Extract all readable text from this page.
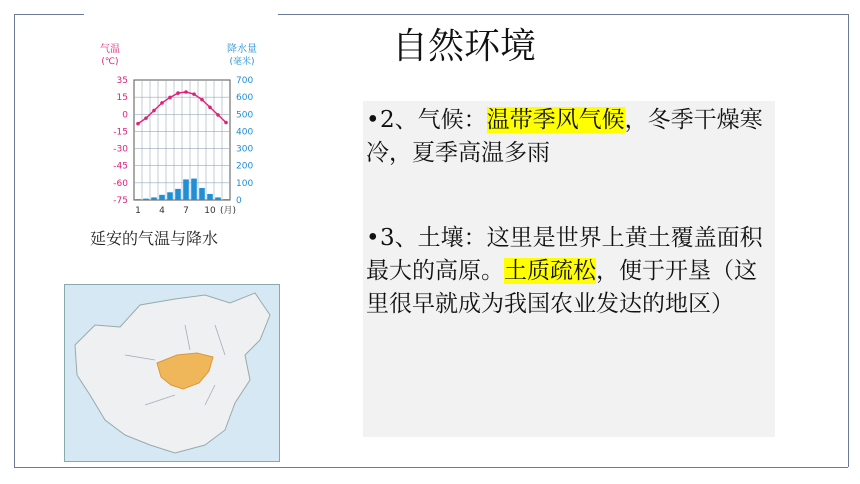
自然环境
气温
(℃)
降水量
(毫米)
35
15
0
-15
-30
-45
-60
-75
700
600
500
400
300
200
100
0
1 4 7 10 (月)
延安的气温与降水
•2、气候：温带季风气候，冬季干燥寒冷，夏季高温多雨
•3、土壤：这里是世界上黄土覆盖面积最大的高原。土质疏松，便于开垦（这里很早就成为我国农业发达的地区）
